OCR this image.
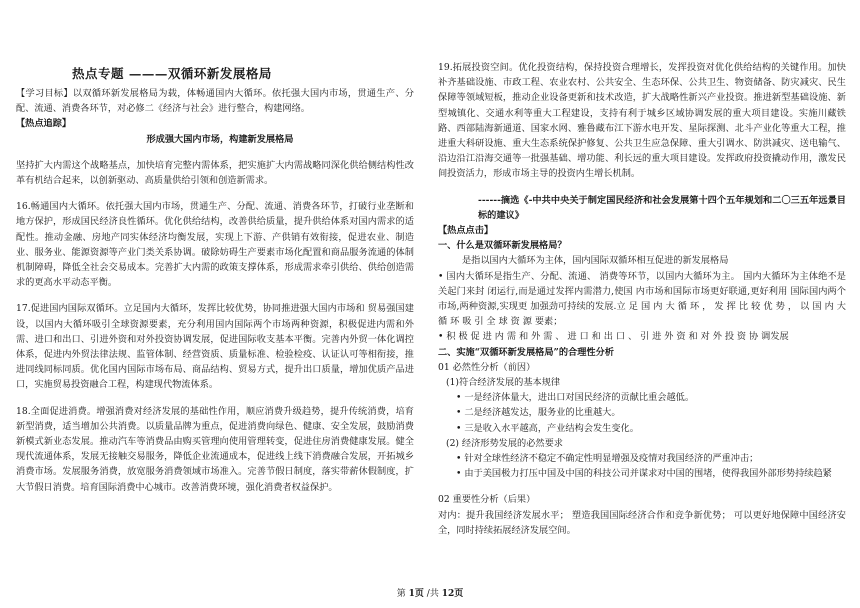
热点专题 ———双循环新发展格局

【学习目标】以双循环新发展格局为载，体畅通国内大循环。依托强大国内市场，贯通生产、分配、流通、消费各环节，对必修二《经济与社会》进行整合，构建网络。

【热点追踪】

形成强大国内市场，构建新发展格局

坚持扩大内需这个战略基点，加快培育完整内需体系，把实施扩大内需战略同深化供给侧结构性改革有机结合起来，以创新驱动、高质量供给引领和创造新需求。

16.畅通国内大循环。依托强大国内市场，贯通生产、分配、流通、消费各环节，打破行业垄断和地方保护，形成国民经济良性循环。优化供给结构，改善供给质量，提升供给体系对国内需求的适配性。推动金融、房地产同实体经济均衡发展，实现上下游、产供销有效衔接，促进农业、制造业、服务业、能源资源等产业门类关系协调。破除妨碍生产要素市场化配置和商品服务流通的体制机制障碍，降低全社会交易成本。完善扩大内需的政策支撑体系，形成需求牵引供给、供给创造需求的更高水平动态平衡。

17.促进国内国际双循环。立足国内大循环，发挥比较优势，协同推进强大国内市场和 贸易强国建设，以国内大循环吸引全球资源要素，充分利用国内国际两个市场两种资源，积极促进内需和外需、进口和出口、引进外资和对外投资协调发展，促进国际收支基本平衡。完善内外贸一体化调控体系，促进内外贸法律法规、监管体制、经营资质、质量标准、检验检疫、认证认可等相衔接，推进同线同标同质。优化国内国际市场布局、商品结构、贸易方式，提升出口质量，增加优质产品进口，实施贸易投资融合工程，构建现代物流体系。

18.全面促进消费。增强消费对经济发展的基础性作用，顺应消费升级趋势，提升传统消费，培育新型消费，适当增加公共消费。以质量品牌为重点，促进消费向绿色、健康、安全发展，鼓励消费新模式新业态发展。推动汽车等消费品由购买管理向使用管理转变，促进住房消费健康发展。健全现代流通体系，发展无接触交易服务，降低企业流通成本，促进线上线下消费融合发展，开拓城乡消费市场。发展服务消费，放宽服务消费领域市场准入。完善节假日制度，落实带薪休假制度，扩大节假日消费。培育国际消费中心城市。改善消费环境，强化消费者权益保护。

19.拓展投资空间。优化投资结构，保持投资合理增长，发挥投资对优化供给结构的关键作用。加快补齐基础设施、市政工程、农业农村、公共安全、生态环保、公共卫生、物资储备、防灾减灾、民生保障等领域短板，推动企业设备更新和技术改造，扩大战略性新兴产业投资。推进新型基础设施、新型城镇化、交通水利等重大工程建设，支持有利于城乡区域协调发展的重大项目建设。实施川藏铁路、西部陆海新通道、国家水网、雅鲁藏布江下游水电开发、星际探测、北斗产业化等重大工程，推进重大科研设施、重大生态系统保护修复、公共卫生应急保障、重大引调水、防洪减灾、送电输气、沿边沿江沿海交通等一批强基础、增功能、利长远的重大项目建设。发挥政府投资撬动作用，激发民间投资活力，形成市场主导的投资内生增长机制。

------摘选《-中共中央关于制定国民经济和社会发展第十四个五年规划和二〇三五年远景目标的建议》

【热点点击】

一、什么是双循环新发展格局？

是指以国内大循环为主体，国内国际双循环相互促进的新发展格局

• 国内大循环是指生产、分配、流通、 消费等环节，以国内大循环为主。 国内大循环为主体绝不是关起门来封 闭运行,而是通过发挥内需潜力,使国 内市场和国际市场更好联通,更好利用 国际国内两个市场,两种资源,实现更 加强劲可持续的发展.立 足 国 内 大 循 环 ， 发 挥 比 较 优 势 ， 以 国 内 大 循 环 吸 引 全 球 资 源 要素；

• 积 极 促 进 内 需 和 外 需 、 进 口 和 出 口 、 引 进 外 资 和 对 外 投 资 协 调发展

二、实施“双循环新发展格局”的合理性分析

01 必然性分析（前因）

(1)符合经济发展的基本规律

• 一是经济体量大，进出口对国民经济的贡献比重会越低。

• 二是经济越发达，服务业的比重越大。

• 三是收入水平越高，产业结构会发生变化。

(2) 经济形势发展的必然要求

• 针对全球性经济不稳定不确定性明显增强及疫情对我国经济的严重冲击；

• 由于美国极力打压中国及中国的科技公司并谋求对中国的围堵，使得我国外部形势持续趋紧

02 重要性分析（后果）

对内：提升我国经济发展水平； 塑造我国国际经济合作和竞争新优势； 可以更好地保障中国经济安全，同时持续拓展经济发展空间。

第 1页 /共 12页
